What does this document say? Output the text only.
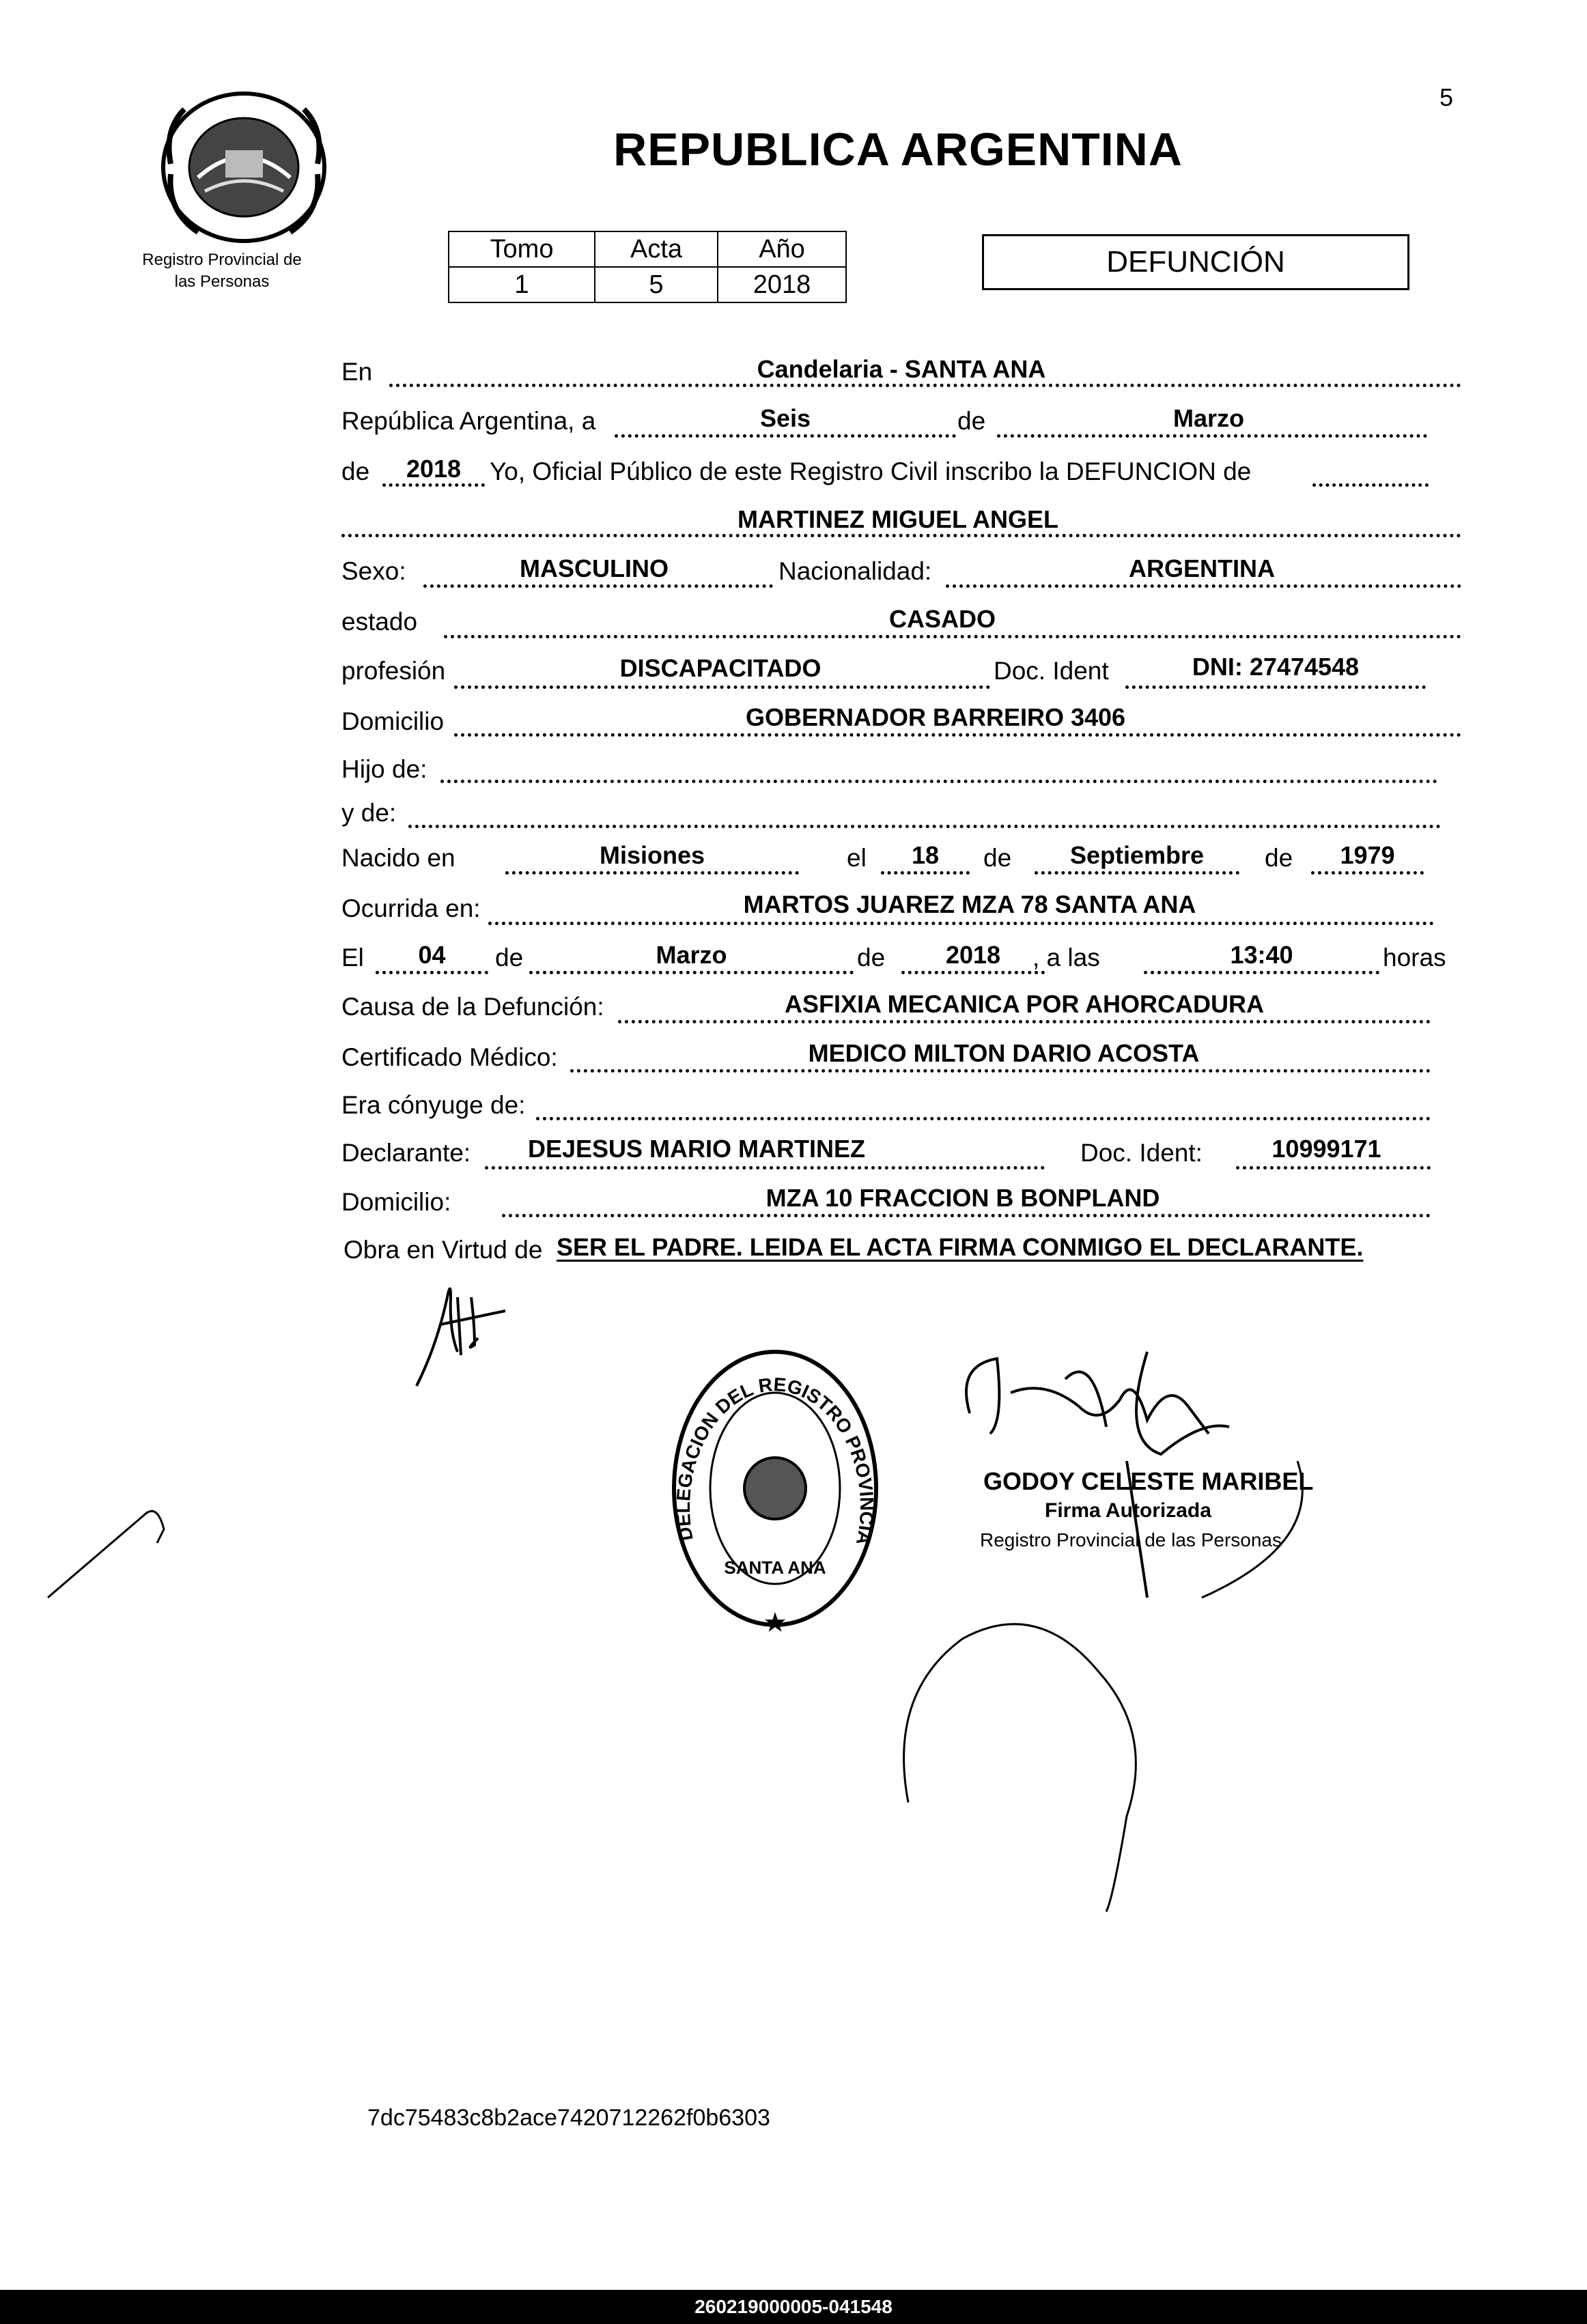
5
Registro Provincial de
las Personas
REPUBLICA ARGENTINA
Tomo	Acta	Año
1	5	2018
DEFUNCIÓN
En	Candelaria - SANTA ANA
República Argentina, a	Seis	de	Marzo
de	2018	Yo, Oficial Público de este Registro Civil inscribo la DEFUNCION de
MARTINEZ MIGUEL ANGEL
Sexo:	MASCULINO	Nacionalidad:	ARGENTINA
estado	CASADO
profesión	DISCAPACITADO	Doc. Ident	DNI: 27474548
Domicilio	GOBERNADOR BARREIRO 3406
Hijo de:
y de:
Nacido en	Misiones	el	18	de	Septiembre	de	1979
Ocurrida en:	MARTOS JUAREZ MZA 78 SANTA ANA
El	04	de	Marzo	de	2018	, a las	13:40	horas
Causa de la Defunción:	ASFIXIA MECANICA POR AHORCADURA
Certificado Médico:	MEDICO MILTON DARIO ACOSTA
Era cónyuge de:
Declarante:	DEJESUS MARIO MARTINEZ	Doc. Ident:	10999171
Domicilio:	MZA 10 FRACCION B BONPLAND
Obra en Virtud de SER EL PADRE. LEIDA EL ACTA FIRMA CONMIGO EL DECLARANTE.
DELEGACION DEL REGISTRO PROVINCIAL DE LAS PERSONAS
SANTA ANA
★
GODOY CELESTE MARIBEL
Firma Autorizada
Registro Provincial de las Personas
7dc75483c8b2ace7420712262f0b6303
260219000005-041548
